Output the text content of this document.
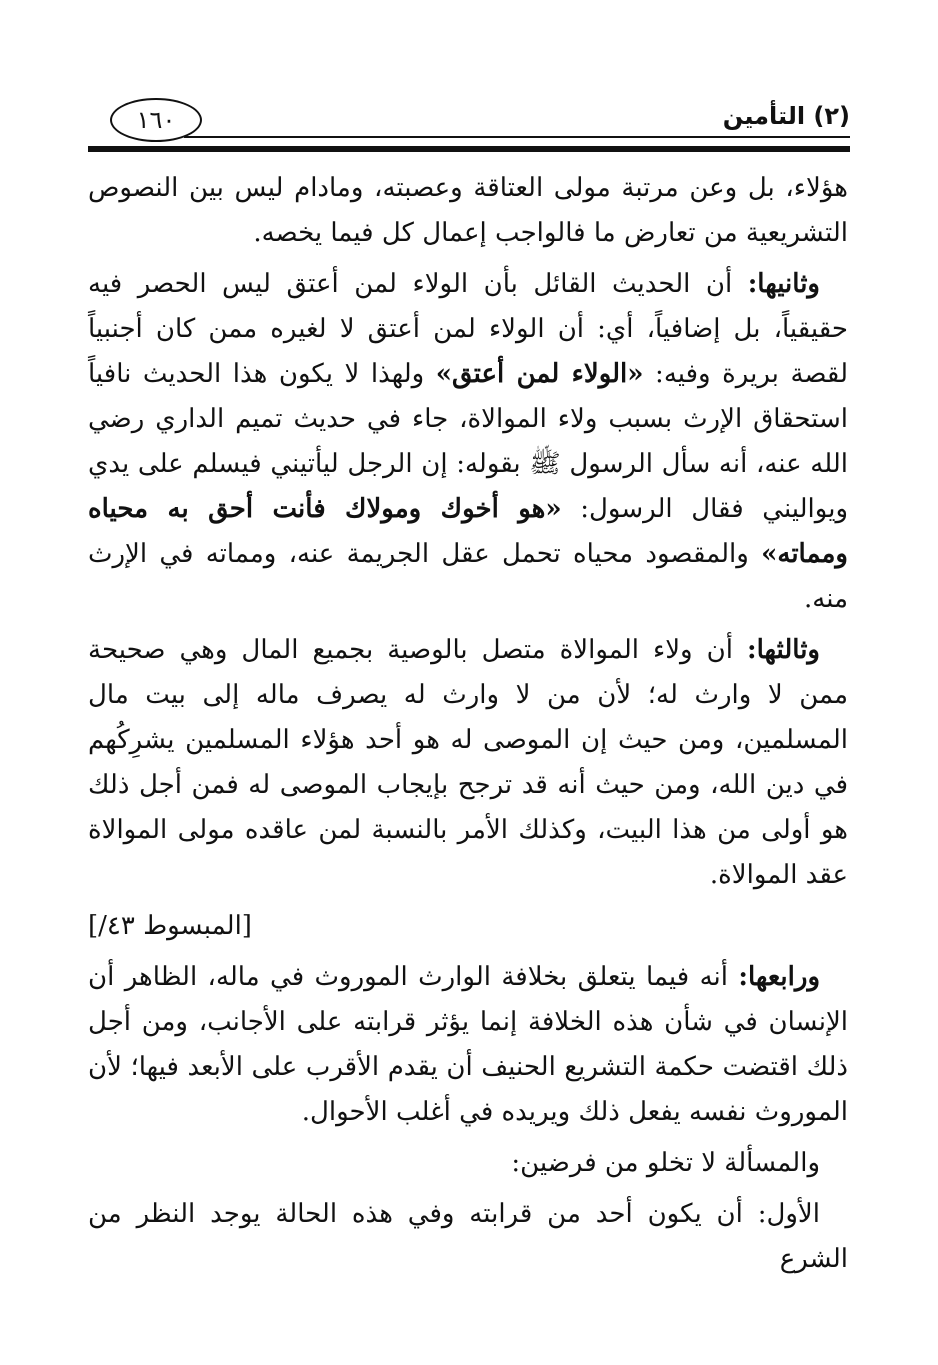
١٦٠	(٢) التأمين

هؤلاء، بل وعن مرتبة مولى العتاقة وعصبته، ومادام ليس بين النصوص التشريعية من تعارض ما فالواجب إعمال كل فيما يخصه.

وثانيها: أن الحديث القائل بأن الولاء لمن أعتق ليس الحصر فيه حقيقياً، بل إضافياً، أي: أن الولاء لمن أعتق لا لغيره ممن كان أجنبياً لقصة بريرة وفيه: «الولاء لمن أعتق» ولهذا لا يكون هذا الحديث نافياً استحقاق الإرث بسبب ولاء الموالاة، جاء في حديث تميم الداري رضي الله عنه، أنه سأل الرسول ﷺ بقوله: إن الرجل ليأتيني فيسلم على يدي ويواليني فقال الرسول: «هو أخوك ومولاك فأنت أحق به محياه ومماته» والمقصود محياه تحمل عقل الجريمة عنه، ومماته في الإرث منه.

وثالثها: أن ولاء الموالاة متصل بالوصية بجميع المال وهي صحيحة ممن لا وارث له؛ لأن من لا وارث له يصرف ماله إلى بيت مال المسلمين، ومن حيث إن الموصى له هو أحد هؤلاء المسلمين يشرِكُهم في دين الله، ومن حيث أنه قد ترجح بإيجاب الموصى له فمن أجل ذلك هو أولى من هذا البيت، وكذلك الأمر بالنسبة لمن عاقده مولى الموالاة عقد الموالاة.

[المبسوط ٤٣/]

ورابعها: أنه فيما يتعلق بخلافة الوارث الموروث في ماله، الظاهر أن الإنسان في شأن هذه الخلافة إنما يؤثر قرابته على الأجانب، ومن أجل ذلك اقتضت حكمة التشريع الحنيف أن يقدم الأقرب على الأبعد فيها؛ لأن الموروث نفسه يفعل ذلك ويريده في أغلب الأحوال.

والمسألة لا تخلو من فرضين:

الأول: أن يكون أحد من قرابته وفي هذه الحالة يوجد النظر من الشرع
